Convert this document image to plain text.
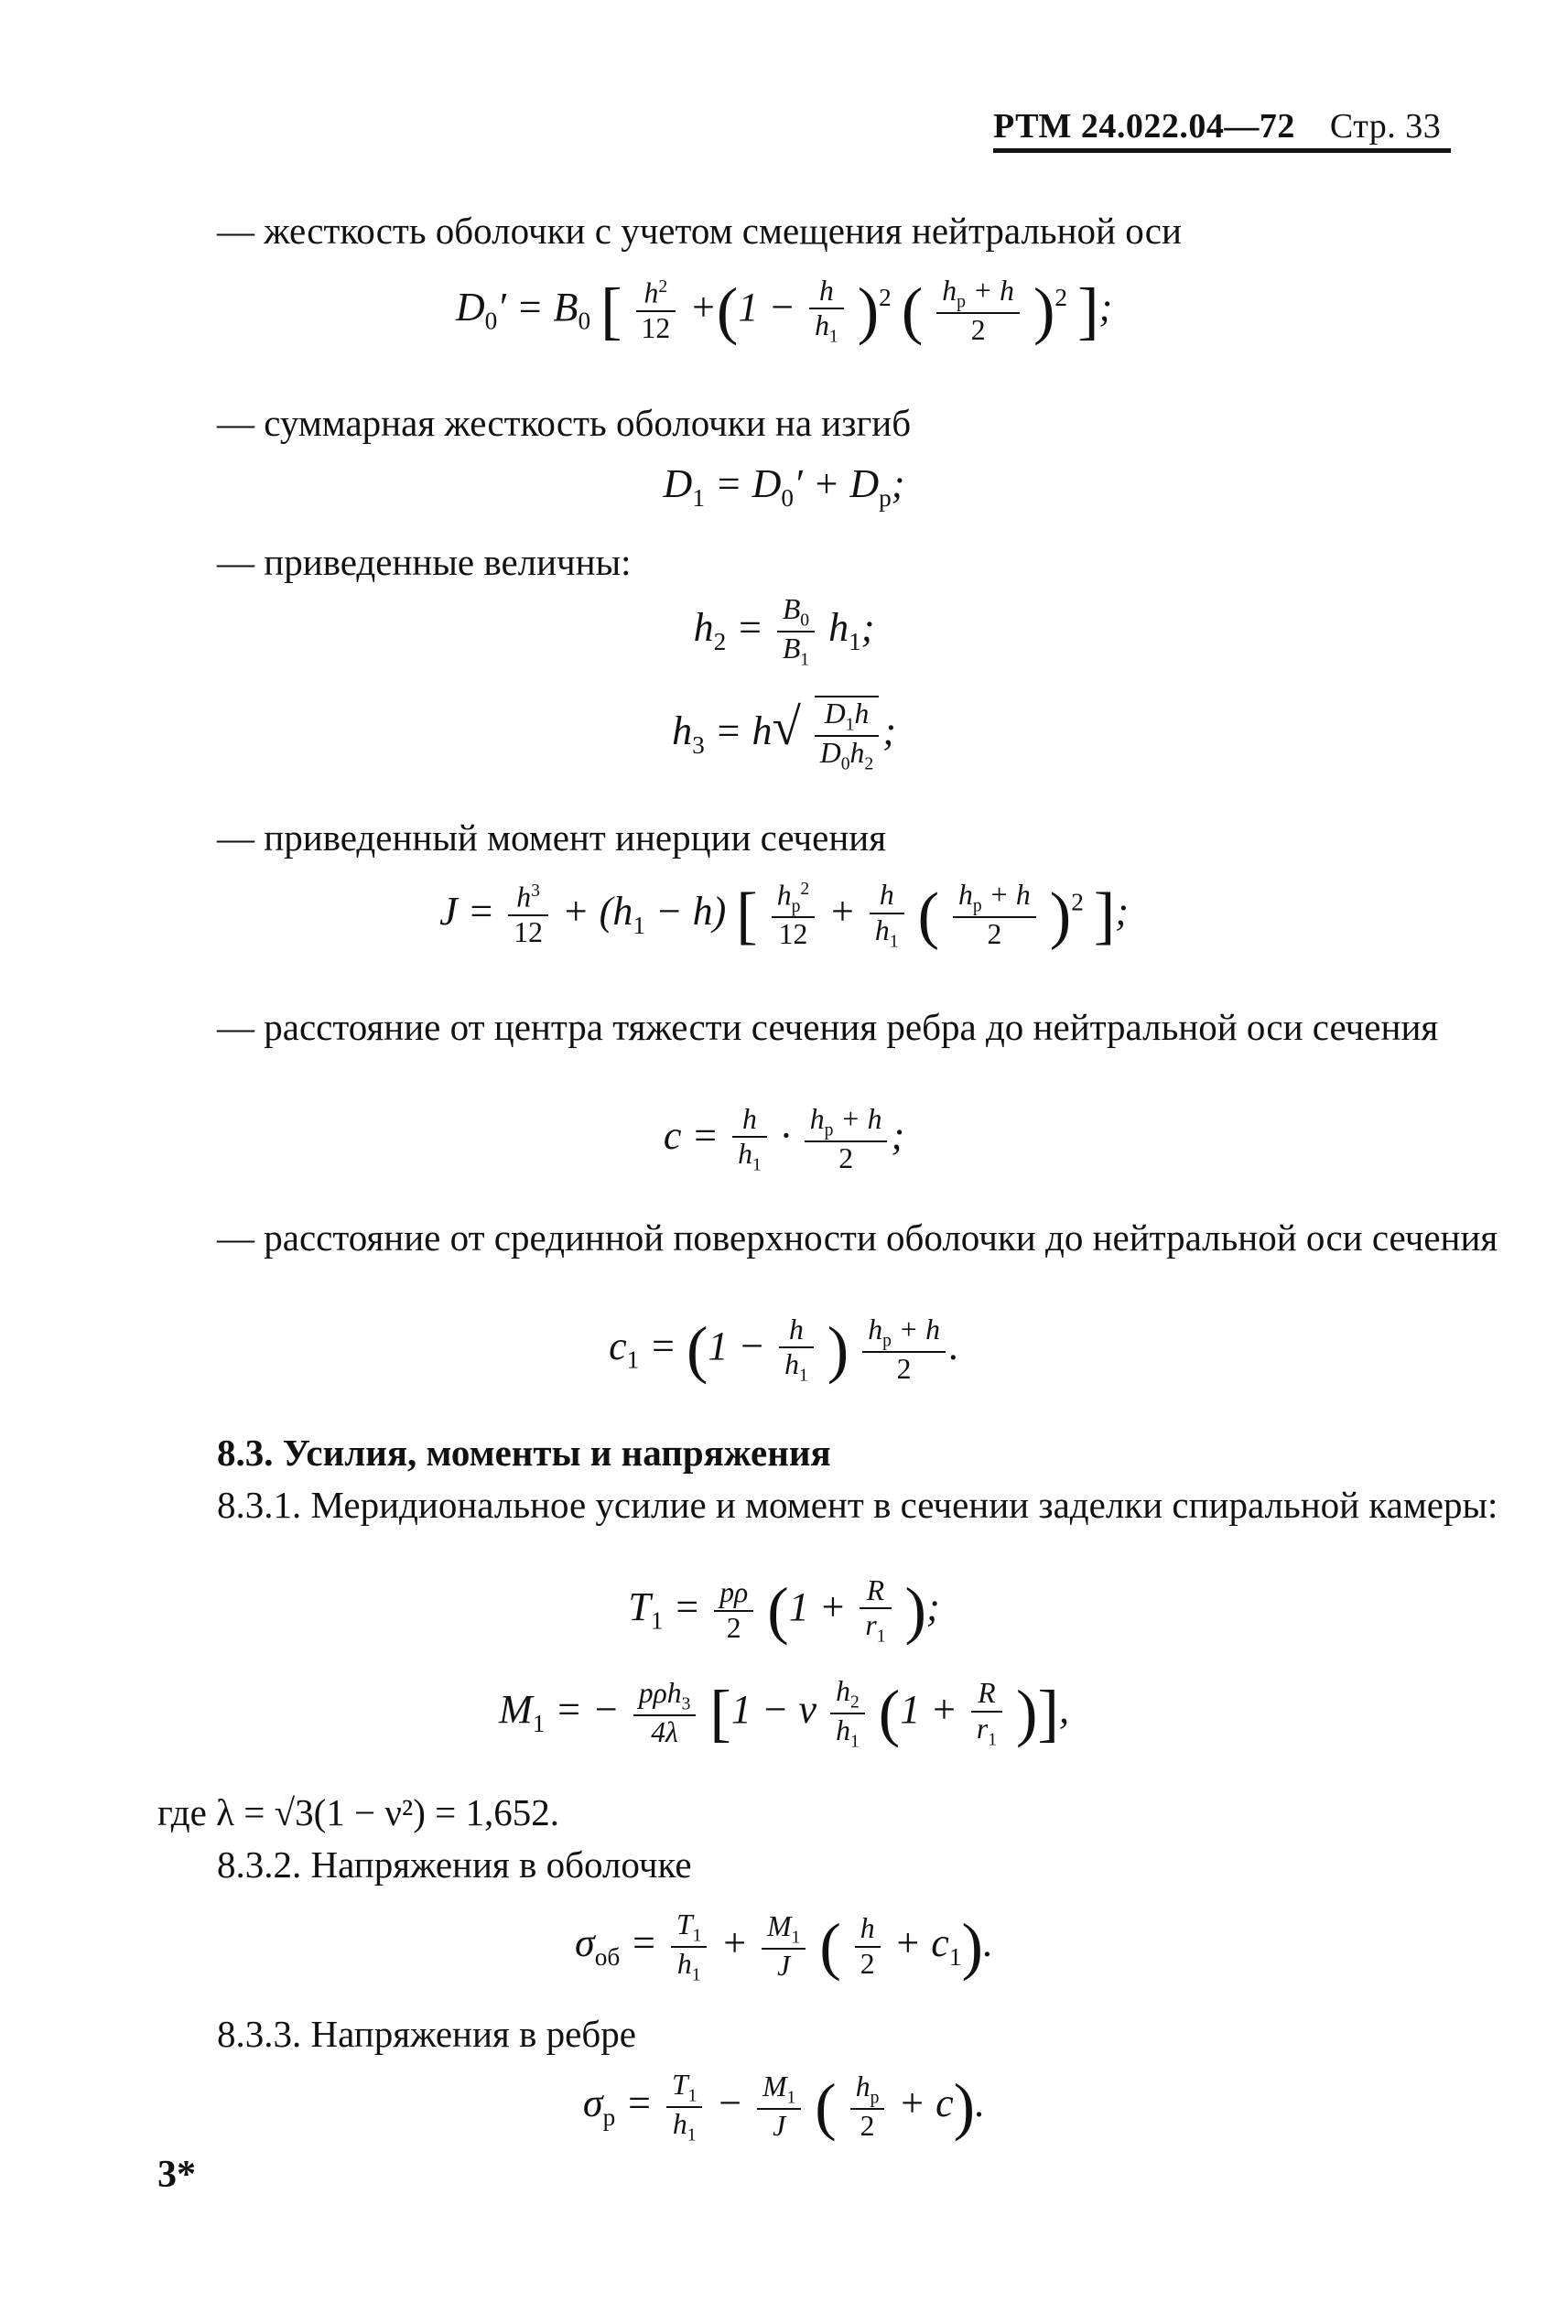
РТМ 24.022.04—72 Стр. 33
— жесткость оболочки с учетом смещения нейтральной оси
$D_0' = B_0$ [ $\frac{h^2}{12} +(1 - \frac{h}{h_1} )^2$ ( $\frac{h_p + h}{2} )^2$ ];
— суммарная жесткость оболочки на изгиб
$D_1 = D_0' + D_p$;
— приведенные величны:
$h_2 = \frac{B_0}{B_1} h_1$;
$h_3 = h√ \frac{D_1h}{D_0h_2}$ ;
— приведенный момент инерции сечения
$J = \frac{h^3}{12} + (h_1 - h)$ [ $\frac{h_p^2}{12} + \frac{h}{h_1}$ ( $\frac{h_p + h}{2} )^2$ ];
— расстояние от центра тяжести сечения ребра до нейтральной оси сечения
$c = \frac{h}{h_1} \cdot \frac{h_p + h}{2}$ ;
— расстояние от срединной поверхности оболочки до нейтральной оси сечения
$c_1 = (1 - \frac{h}{h_1}$ ) $\frac{h_p + h}{2}$ .
8.3. Усилия, моменты и напряжения
8.3.1. Меридиональное усилие и момент в сечении заделки спиральной камеры:
$T_1 = \frac{p\rho}{2} (1 + \frac{R}{r_1}$ );
$M_1$ = − $\frac{p\rho h_3}{4\lambda} [1 - \nu \frac{h_2}{h_1} (1 + \frac{R}{r_1}$ )],
где λ = √3(1 − ν²) = 1,652.
8.3.2. Напряжения в оболочке
$\sigma_{об} = \frac{T_1}{h_1} + \frac{M_1}{J}$ ( $\frac{h}{2} + c_1$).
8.3.3. Напряжения в ребре
$\sigma_p = \frac{T_1}{h_1} - \frac{M_1}{J}$ ( $\frac{h_p}{2} + c$).
3*
